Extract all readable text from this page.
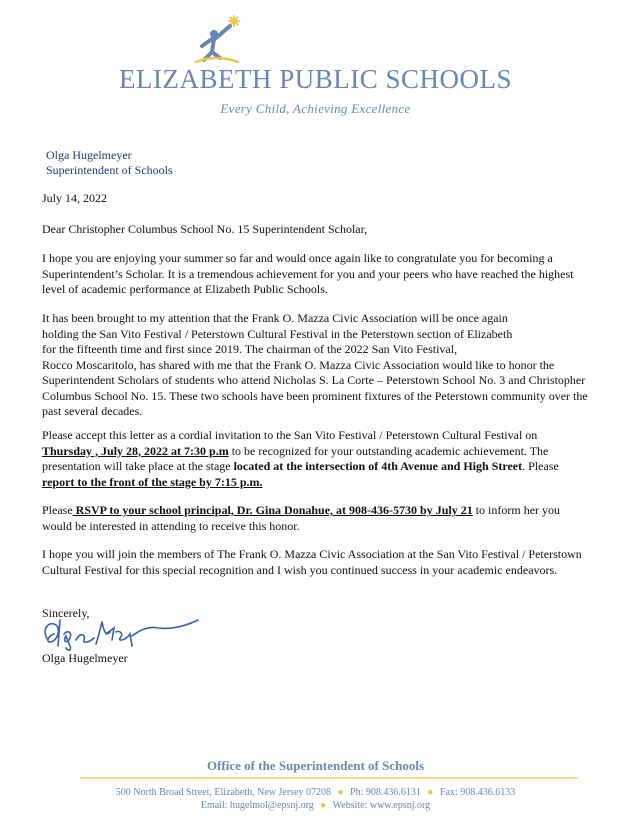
ELIZABETH PUBLIC SCHOOLS
Every Child, Achieving Excellence
Olga Hugelmeyer
Superintendent of Schools
July 14, 2022
Dear Christopher Columbus School No. 15 Superintendent Scholar,
I hope you are enjoying your summer so far and would once again like to congratulate you for becoming a Superintendent’s Scholar. It is a tremendous achievement for you and your peers who have reached the highest level of academic performance at Elizabeth Public Schools.
It has been brought to my attention that the Frank O. Mazza Civic Association will be once again
holding the San Vito Festival / Peterstown Cultural Festival in the Peterstown section of Elizabeth
for the fifteenth time and first since 2019. The chairman of the 2022 San Vito Festival,
Rocco Moscaritolo, has shared with me that the Frank O. Mazza Civic Association would like to honor the Superintendent Scholars of students who attend Nicholas S. La Corte – Peterstown School No. 3 and Christopher Columbus School No. 15. These two schools have been prominent fixtures of the Peterstown community over the past several decades.
Please accept this letter as a cordial invitation to the San Vito Festival / Peterstown Cultural Festival on Thursday , July 28, 2022 at 7:30 p.m to be recognized for your outstanding academic achievement. The presentation will take place at the stage located at the intersection of 4th Avenue and High Street. Please report to the front of the stage by 7:15 p.m.
Please RSVP to your school principal, Dr. Gina Donahue, at 908-436-5730 by July 21 to inform her you would be interested in attending to receive this honor.
I hope you will join the members of The Frank O. Mazza Civic Association at the San Vito Festival / Peterstown Cultural Festival for this special recognition and I wish you continued success in your academic endeavors.
Sincerely,
Olga Hugelmeyer
Office of the Superintendent of Schools
500 North Broad Street, Elizabeth, New Jersey 07208 ● Ph: 908.436.6131 ● Fax: 908.436.6133
Email: hugelmol@epsnj.org ● Website: www.epsnj.org
